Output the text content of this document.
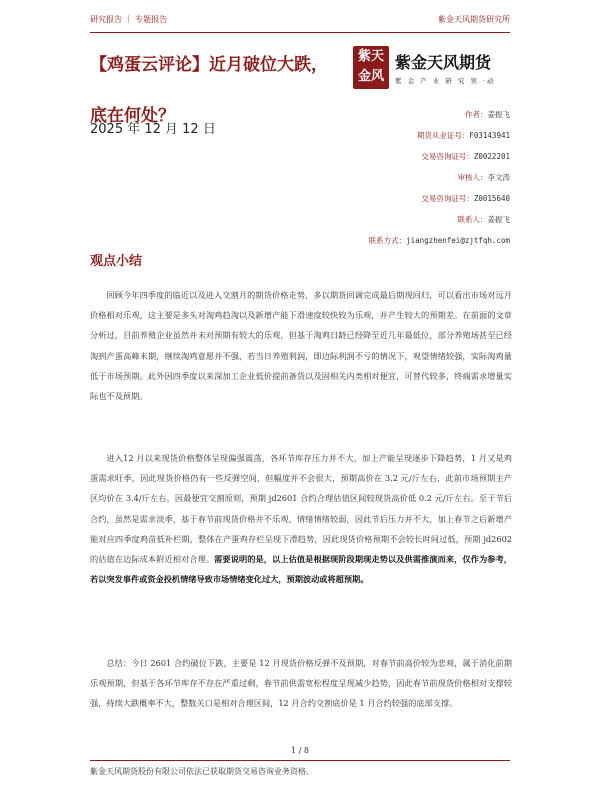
研究报告 ｜ 专题报告	紫金天风期货研究所
【鸡蛋云评论】近月破位大跌，底在何处？
2025 年 12 月 12 日
紫天
金风
紫金天风期货
紫 金 产 业 研 究 领 ·动
作者：姜振飞
期货从业证号：F03143941
交易咨询证号：Z0022201
审核人：李文涛
交易咨询证号：Z0015640
联系人：姜振飞
联系方式：jiangzhenfei@zjtfqh.com
观点小结
回顾今年四季度的临近以及进入交割月的期货价格走势，多以期货回调完成最后期现回归，可以看出市场对远月价格相对乐观，这主要是多头对淘鸡趋淘以及新增产能下滑速度较快较为乐观，并产生较大的预期差。在前面的文章分析过，目前养殖企业虽然并未对预期有较大的乐观，但基于淘鸡日龄已经降至近几年最低位，部分养殖场甚至已经淘到产蛋高峰末期，继续淘鸡意愿并不强，若当日养殖利润，即边际利润不亏的情况下，观望情绪较强，实际淘鸡量低于市场预期。此外因四季度以来深加工企业低价提前备货以及固相关内类相对便宜，可替代较多，终端需求增量实际也不及预期。
进入12 月以来现货价格整体呈现偏强震荡，各环节库存压力并不大，加上产能呈现逐步下降趋势，1 月又是鸡蛋需求旺季，因此现货价格仍有一些反弹空间，但幅度并不会很大，预期高价在 3.2 元/斤左右，此前市场预期主产区均价在 3.4/斤左右，因最便宜交割原则，预期 jd2601 合约合理估值区间较现货高价低 0.2 元/斤左右。至于节后合约，虽然是需求淡季，基于春节前现货价格并不乐观，情绪情绪较弱，因此节后压力并不大，加上春节之后新增产能对应四季度鸡苗低补栏期，整体在产蛋鸡存栏呈现下滑趋势，因此现货价格预期不会较长时间过低，预期 jd2602 的估值在边际成本附近相对合理。需要说明的是，以上估值是根据现阶段期现走势以及供需推演而来，仅作为参考，若以突发事件或资金投机情绪导致市场情绪变化过大，预期波动或将超预期。
总结：今日 2601 合约破位下跌，主要是 12 月现货价格反弹不及预期，对春节前高价较为悲观，属于消化前期乐观预期，但基于各环节库存不存在严重过剩，春节前供需宽松程度呈现减少趋势，因此春节前现货价格相对支撑较强，持续大跌概率不大，整数关口是相对合理区间，12 月合约交割底价是 1 月合约较强的底部支撑。
1 / 8
紫金天风期货股份有限公司依法已获取期货交易咨询业务资格。
